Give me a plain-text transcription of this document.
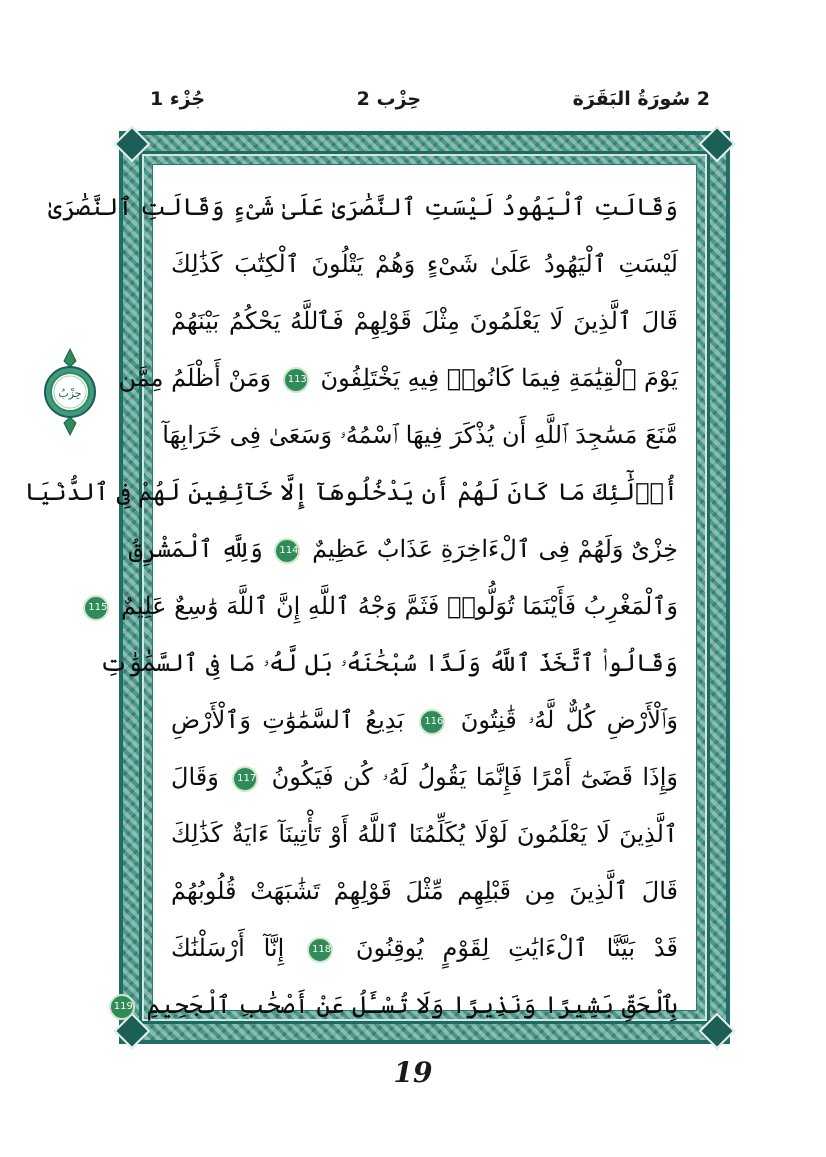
2 سُورَةُ البَقَرَة
حِزْب 2
جُزْء 1
وَقَالَتِ ٱلْيَهُودُ لَيْسَتِ ٱلنَّصَٰرَىٰ عَلَىٰ شَىْءٍ وَقَالَتِ ٱلنَّصَٰرَىٰ
لَيْسَتِ ٱلْيَهُودُ عَلَىٰ شَىْءٍ وَهُمْ يَتْلُونَ ٱلْكِتَٰبَ كَذَٰلِكَ
قَالَ ٱلَّذِينَ لَا يَعْلَمُونَ مِثْلَ قَوْلِهِمْ فَٱللَّهُ يَحْكُمُ بَيْنَهُمْ
يَوْمَ ٱلْقِيَٰمَةِ فِيمَا كَانُوا۟ فِيهِ يَخْتَلِفُونَ 113 وَمَنْ أَظْلَمُ مِمَّن
مَّنَعَ مَسَٰجِدَ ٱللَّهِ أَن يُذْكَرَ فِيهَا ٱسْمُهُۥ وَسَعَىٰ فِى خَرَابِهَآ
أُو۟لَٰٓئِكَ مَا كَانَ لَهُمْ أَن يَدْخُلُوهَآ إِلَّا خَآئِفِينَ لَهُمْ فِى ٱلدُّنْيَا
خِزْىٌ وَلَهُمْ فِى ٱلْءَاخِرَةِ عَذَابٌ عَظِيمٌ 114 وَلِلَّهِ ٱلْمَشْرِقُ
وَٱلْمَغْرِبُ فَأَيْنَمَا تُوَلُّوا۟ فَثَمَّ وَجْهُ ٱللَّهِ إِنَّ ٱللَّهَ وَٰسِعٌ عَلِيمٌ 115
وَقَالُوا۟ ٱتَّخَذَ ٱللَّهُ وَلَدًا سُبْحَٰنَهُۥ بَل لَّهُۥ مَا فِى ٱلسَّمَٰوَٰتِ
وَٱلْأَرْضِ كُلٌّ لَّهُۥ قَٰنِتُونَ 116 بَدِيعُ ٱلسَّمَٰوَٰتِ وَٱلْأَرْضِ
وَإِذَا قَضَىٰٓ أَمْرًا فَإِنَّمَا يَقُولُ لَهُۥ كُن فَيَكُونُ 117 وَقَالَ
ٱلَّذِينَ لَا يَعْلَمُونَ لَوْلَا يُكَلِّمُنَا ٱللَّهُ أَوْ تَأْتِينَآ ءَايَةٌ كَذَٰلِكَ
قَالَ ٱلَّذِينَ مِن قَبْلِهِم مِّثْلَ قَوْلِهِمْ تَشَٰبَهَتْ قُلُوبُهُمْ
قَدْ بَيَّنَّا ٱلْءَايَٰتِ لِقَوْمٍ يُوقِنُونَ 118 إِنَّآ أَرْسَلْنَٰكَ
بِٱلْحَقِّ بَشِيرًا وَنَذِيرًا وَلَا تُسْـَٔلُ عَنْ أَصْحَٰبِ ٱلْجَحِيمِ 119
حِزْبُ
19
